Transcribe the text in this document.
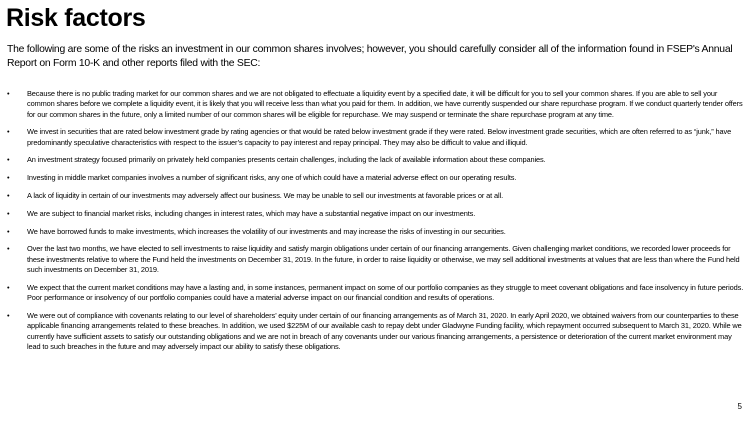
Risk factors
The following are some of the risks an investment in our common shares involves; however, you should carefully consider all of the information found in FSEP's Annual Report on Form 10-K and other reports filed with the SEC:
•	Because there is no public trading market for our common shares and we are not obligated to effectuate a liquidity event by a specified date, it will be difficult for you to sell your common shares. If you are able to sell your common shares before we complete a liquidity event, it is likely that you will receive less than what you paid for them. In addition, we have currently suspended our share repurchase program. If we conduct quarterly tender offers for our common shares in the future, only a limited number of our common shares will be eligible for repurchase. We may suspend or terminate the share repurchase program at any time.
•	We invest in securities that are rated below investment grade by rating agencies or that would be rated below investment grade if they were rated. Below investment grade securities, which are often referred to as “junk,” have predominantly speculative characteristics with respect to the issuer’s capacity to pay interest and repay principal. They may also be difficult to value and illiquid.
•	An investment strategy focused primarily on privately held companies presents certain challenges, including the lack of available information about these companies.
•	Investing in middle market companies involves a number of significant risks, any one of which could have a material adverse effect on our operating results.
•	A lack of liquidity in certain of our investments may adversely affect our business. We may be unable to sell our investments at favorable prices or at all.
•	We are subject to financial market risks, including changes in interest rates, which may have a substantial negative impact on our investments.
•	We have borrowed funds to make investments, which increases the volatility of our investments and may increase the risks of investing in our securities.
•	Over the last two months, we have elected to sell investments to raise liquidity and satisfy margin obligations under certain of our financing arrangements. Given challenging market conditions, we recorded lower proceeds for these investments relative to where the Fund held the investments on December 31, 2019. In the future, in order to raise liquidity or otherwise, we may sell additional investments at values that are less than where the Fund held such investments on December 31, 2019.
•	We expect that the current market conditions may have a lasting and, in some instances, permanent impact on some of our portfolio companies as they struggle to meet covenant obligations and face insolvency in future periods. Poor performance or insolvency of our portfolio companies could have a material adverse impact on our financial condition and results of operations.
•	We were out of compliance with covenants relating to our level of shareholders’ equity under certain of our financing arrangements as of March 31, 2020. In early April 2020, we obtained waivers from our counterparties to these applicable financing arrangements related to these breaches. In addition, we used $225M of our available cash to repay debt under Gladwyne Funding facility, which repayment occurred subsequent to March 31, 2020. While we currently have sufficient assets to satisfy our outstanding obligations and we are not in breach of any covenants under our various financing arrangements, a persistence or deterioration of the current market environment may lead to such breaches in the future and may adversely impact our ability to satisfy these obligations.
5
